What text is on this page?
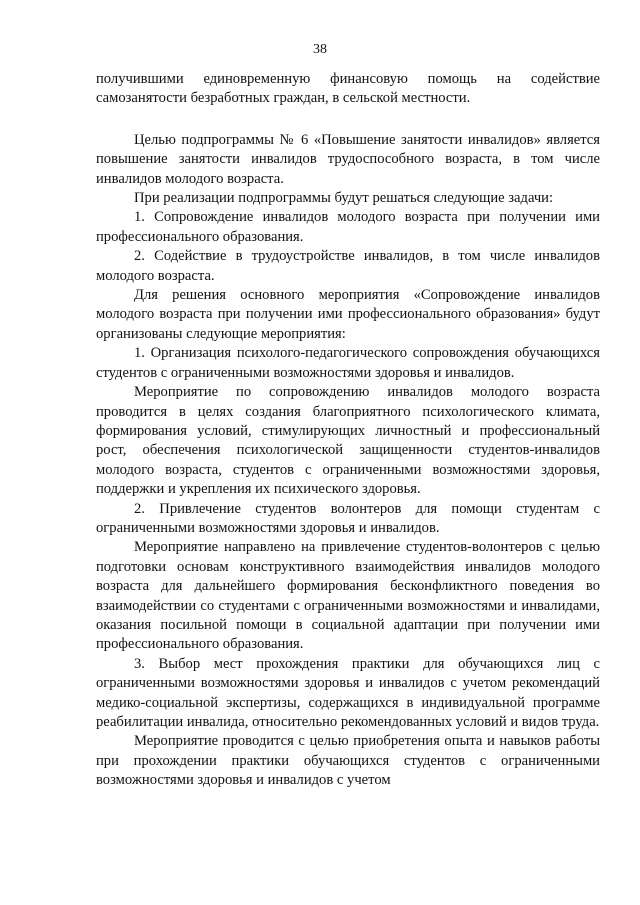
38

получившими единовременную финансовую помощь на содействие самозанятости безработных граждан, в сельской местности.

Целью подпрограммы № 6 «Повышение занятости инвалидов» является повышение занятости инвалидов трудоспособного возраста, в том числе инвалидов молодого возраста.

При реализации подпрограммы будут решаться следующие задачи:

1. Сопровождение инвалидов молодого возраста при получении ими профессионального образования.

2. Содействие в трудоустройстве инвалидов, в том числе инвалидов молодого возраста.

Для решения основного мероприятия «Сопровождение инвалидов молодого возраста при получении ими профессионального образования» будут организованы следующие мероприятия:

1. Организация психолого-педагогического сопровождения обучающихся студентов с ограниченными возможностями здоровья и инвалидов.

Мероприятие по сопровождению инвалидов молодого возраста проводится в целях создания благоприятного психологического климата, формирования условий, стимулирующих личностный и профессиональный рост, обеспечения психологической защищенности студентов-инвалидов молодого возраста, студентов с ограниченными возможностями здоровья, поддержки и укрепления их психического здоровья.

2. Привлечение студентов волонтеров для помощи студентам с ограниченными возможностями здоровья и инвалидов.

Мероприятие направлено на привлечение студентов-волонтеров с целью подготовки основам конструктивного взаимодействия инвалидов молодого возраста для дальнейшего формирования бесконфликтного поведения во взаимодействии со студентами с ограниченными возможностями и инвалидами, оказания посильной помощи в социальной адаптации при получении ими профессионального образования.

3. Выбор мест прохождения практики для обучающихся лиц с ограниченными возможностями здоровья и инвалидов с учетом рекомендаций медико-социальной экспертизы, содержащихся в индивидуальной программе реабилитации инвалида, относительно рекомендованных условий и видов труда.

Мероприятие проводится с целью приобретения опыта и навыков работы при прохождении практики обучающихся студентов с ограниченными возможностями здоровья и инвалидов с учетом
